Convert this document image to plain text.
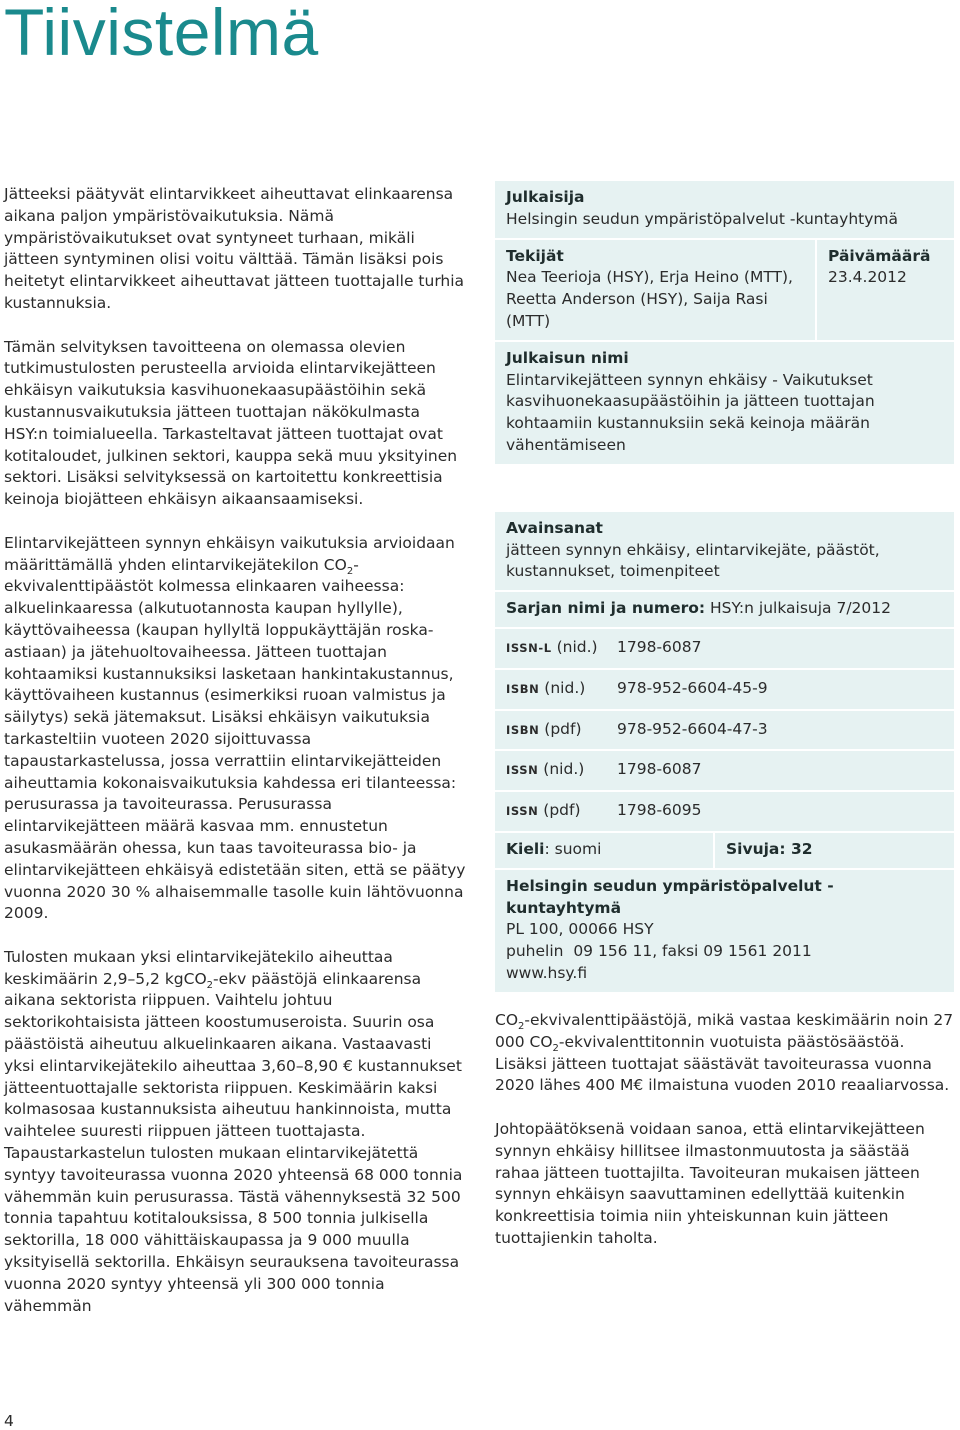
Tiivistelmä

Jätteeksi päätyvät elintarvikkeet aiheuttavat elinkaarensa aikana paljon ympäristövaikutuksia. Nämä ympäristövaikutukset ovat syntyneet turhaan, mikäli jätteen syntyminen olisi voitu välttää. Tämän lisäksi pois heitetyt elintarvikkeet aiheuttavat jätteen tuottajalle turhia kustannuksia.

Tämän selvityksen tavoitteena on olemassa olevien tutkimustulosten perusteella arvioida elintarvikejätteen ehkäisyn vaikutuksia kasvihuonekaasupäästöihin sekä kustannusvaikutuksia jätteen tuottajan näkökulmasta HSY:n toimialueella. Tarkasteltavat jätteen tuottajat ovat kotitaloudet, julkinen sektori, kauppa sekä muu yksityinen sektori. Lisäksi selvityksessä on kartoitettu konkreettisia keinoja biojätteen ehkäisyn aikaansaamiseksi.

Elintarvikejätteen synnyn ehkäisyn vaikutuksia arvioidaan määrittämällä yhden elintarvikejätekilon $CO_2$-ekvivalenttipäästöt kolmessa elinkaaren vaiheessa: alkuelinkaaressa (alkutuotannosta kaupan hyllylle), käyttövaiheessa (kaupan hyllyltä loppukäyttäjän roska-astiaan) ja jätehuoltovaiheessa. Jätteen tuottajan kohtaamiksi kustannuksiksi lasketaan hankintakustannus, käyttövaiheen kustannus (esimerkiksi ruoan valmistus ja säilytys) sekä jätemaksut. Lisäksi ehkäisyn vaikutuksia tarkasteltiin vuoteen 2020 sijoittuvassa tapaustarkastelussa, jossa verrattiin elintarvikejätteiden aiheuttamia kokonaisvaikutuksia kahdessa eri tilanteessa: perusurassa ja tavoiteurassa. Perusurassa elintarvikejätteen määrä kasvaa mm. ennustetun asukasmäärän ohessa, kun taas tavoiteurassa bio- ja elintarvikejätteen ehkäisyä edistetään siten, että se päätyy vuonna 2020 30 % alhaisemmalle tasolle kuin lähtövuonna 2009.

Tulosten mukaan yksi elintarvikejätekilo aiheuttaa keskimäärin 2,9–5,2 kgCO$_2$-ekv päästöjä elinkaarensa aikana sektorista riippuen. Vaihtelu johtuu sektorikohtaisista jätteen koostumuseroista. Suurin osa päästöistä aiheutuu alkuelinkaaren aikana. Vastaavasti yksi elintarvikejätekilo aiheuttaa 3,60–8,90 € kustannukset jätteentuottajalle sektorista riippuen. Keskimäärin kaksi kolmasosaa kustannuksista aiheutuu hankinnoista, mutta vaihtelee suuresti riippuen jätteen tuottajasta. Tapaustarkastelun tulosten mukaan elintarvikejätettä syntyy tavoiteurassa vuonna 2020 yhteensä 68 000 tonnia vähemmän kuin perusurassa. Tästä vähennyksestä 32 500 tonnia tapahtuu kotitalouksissa, 8 500 tonnia julkisella sektorilla, 18 000 vähittäiskaupassa ja 9 000 muulla yksityisellä sektorilla. Ehkäisyn seurauksena tavoiteurassa vuonna 2020 syntyy yhteensä yli 300 000 tonnia vähemmän

Julkaisija
Helsingin seudun ympäristöpalvelut -kuntayhtymä
Tekijät
Nea Teerioja (HSY), Erja Heino (MTT), Reetta Anderson (HSY), Saija Rasi (MTT)
Päivämäärä
23.4.2012
Julkaisun nimi
Elintarvikejätteen synnyn ehkäisy - Vaikutukset kasvihuonekaasupäästöihin ja jätteen tuottajan kohtaamiin kustannuksiin sekä keinoja määrän vähentämiseen
Avainsanat
jätteen synnyn ehkäisy, elintarvikejäte, päästöt, kustannukset, toimenpiteet
Sarjan nimi ja numero: HSY:n julkaisuja 7/2012
ISSN-L (nid.)	1798-6087
ISBN (nid.)	978-952-6604-45-9
ISBN (pdf)	978-952-6604-47-3
ISSN (nid.)	1798-6087
ISSN (pdf)	1798-6095
Kieli: suomi	Sivuja: 32
Helsingin seudun ympäristöpalvelut -kuntayhtymä
PL 100, 00066 HSY
puhelin  09 156 11, faksi 09 1561 2011
www.hsy.fi

$CO_2$-ekvivalenttipäästöjä, mikä vastaa keskimäärin noin 27 000 $CO_2$-ekvivalenttitonnin vuotuista päästösäästöä. Lisäksi jätteen tuottajat säästävät tavoiteurassa vuonna 2020 lähes 400 M€ ilmaistuna vuoden 2010 reaaliarvossa.

Johtopäätöksenä voidaan sanoa, että elintarvikejätteen synnyn ehkäisy hillitsee ilmastonmuutosta ja säästää rahaa jätteen tuottajilta. Tavoiteuran mukaisen jätteen synnyn ehkäisyn saavuttaminen edellyttää kuitenkin konkreettisia toimia niin yhteiskunnan kuin jätteen tuottajienkin taholta.

4
